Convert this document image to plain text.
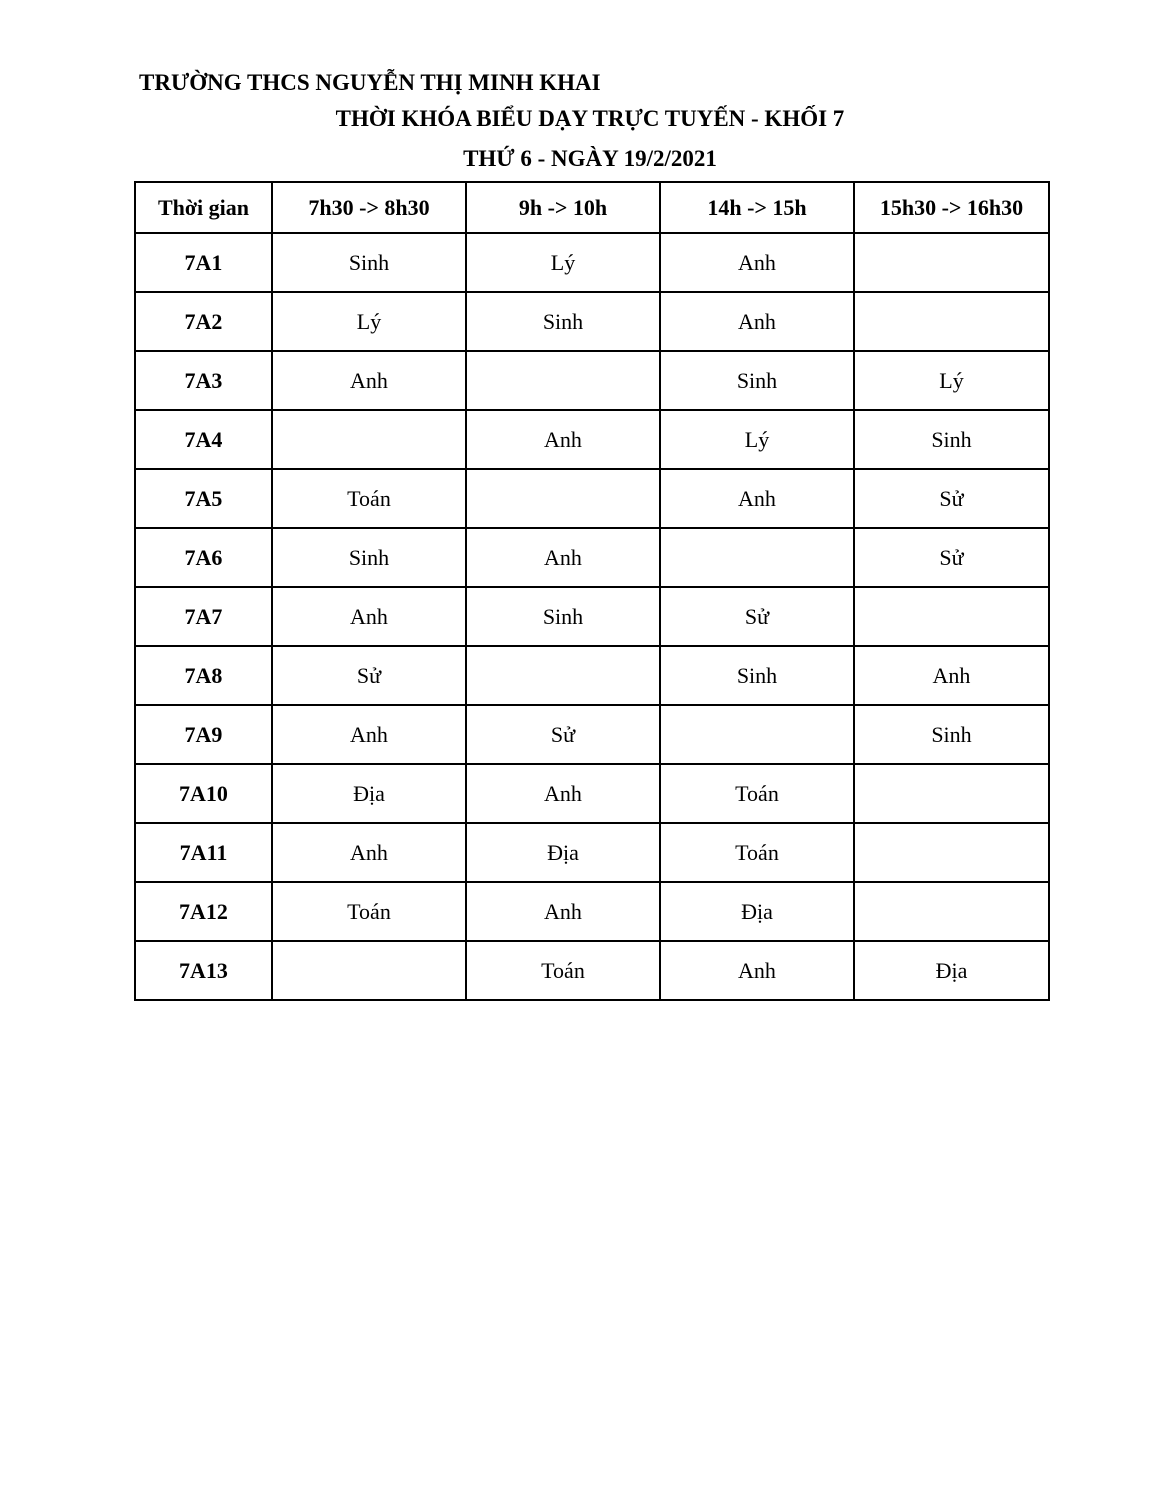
TRƯỜNG THCS NGUYỄN THỊ MINH KHAI
THỜI KHÓA BIỂU DẠY TRỰC TUYẾN - KHỐI 7
THỨ 6 - NGÀY 19/2/2021
Thời gian	7h30 -> 8h30	9h -> 10h	14h -> 15h	15h30 -> 16h30
7A1	Sinh	Lý	Anh	
7A2	Lý	Sinh	Anh	
7A3	Anh		Sinh	Lý
7A4		Anh	Lý	Sinh
7A5	Toán		Anh	Sử
7A6	Sinh	Anh		Sử
7A7	Anh	Sinh	Sử	
7A8	Sử		Sinh	Anh
7A9	Anh	Sử		Sinh
7A10	Địa	Anh	Toán	
7A11	Anh	Địa	Toán	
7A12	Toán	Anh	Địa	
7A13		Toán	Anh	Địa
